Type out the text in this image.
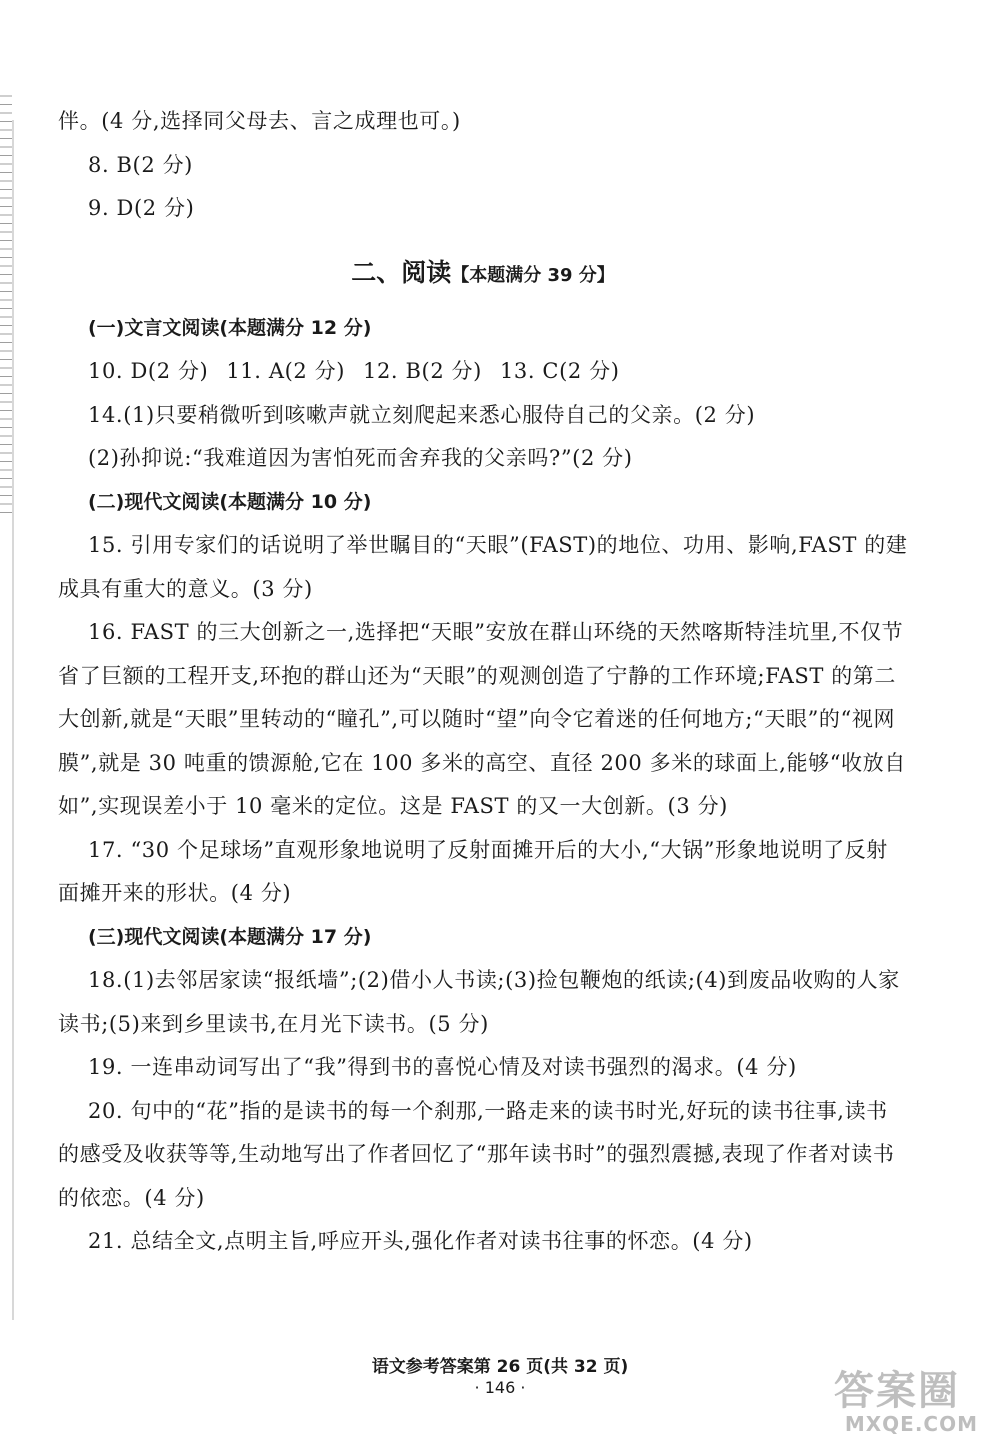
伴。(4 分,选择同父母去、言之成理也可。)

8. B(2 分)

9. D(2 分)

二、阅读【本题满分 39 分】
(一)文言文阅读(本题满分 12 分)

10. D(2 分) 11. A(2 分) 12. B(2 分) 13. C(2 分)

14.(1)只要稍微听到咳嗽声就立刻爬起来悉心服侍自己的父亲。(2 分)

(2)孙抑说:“我难道因为害怕死而舍弃我的父亲吗?”(2 分)

(二)现代文阅读(本题满分 10 分)

15. 引用专家们的话说明了举世瞩目的“天眼”(FAST)的地位、功用、影响,FAST 的建成具有重大的意义。(3 分)

16. FAST 的三大创新之一,选择把“天眼”安放在群山环绕的天然喀斯特洼坑里,不仅节省了巨额的工程开支,环抱的群山还为“天眼”的观测创造了宁静的工作环境;FAST 的第二大创新,就是“天眼”里转动的“瞳孔”,可以随时“望”向令它着迷的任何地方;“天眼”的“视网膜”,就是 30 吨重的馈源舱,它在 100 多米的高空、直径 200 多米的球面上,能够“收放自如”,实现误差小于 10 毫米的定位。这是 FAST 的又一大创新。(3 分)

17. “30 个足球场”直观形象地说明了反射面摊开后的大小,“大锅”形象地说明了反射面摊开来的形状。(4 分)

(三)现代文阅读(本题满分 17 分)

18.(1)去邻居家读“报纸墙”;(2)借小人书读;(3)捡包鞭炮的纸读;(4)到废品收购的人家读书;(5)来到乡里读书,在月光下读书。(5 分)

19. 一连串动词写出了“我”得到书的喜悦心情及对读书强烈的渴求。(4 分)

20. 句中的“花”指的是读书的每一个刹那,一路走来的读书时光,好玩的读书往事,读书的感受及收获等等,生动地写出了作者回忆了“那年读书时”的强烈震撼,表现了作者对读书的依恋。(4 分)

21. 总结全文,点明主旨,呼应开头,强化作者对读书往事的怀恋。(4 分)

语文参考答案第 26 页(共 32 页)
· 146 ·	答案圈
MXQE.COM
